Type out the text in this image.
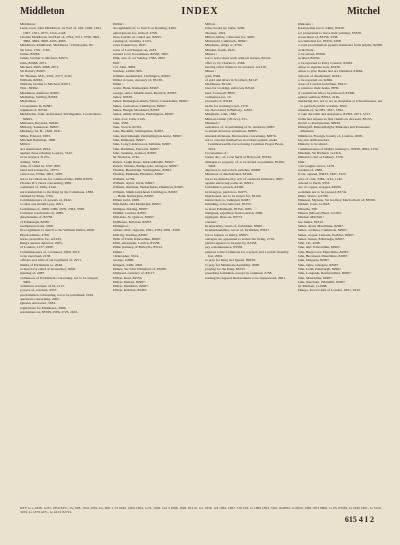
Middleton	INDEX	Mitchel

Middleton :

Lieut.-Gen. John Middleton, 1st Earl of, 229, 1460, 1492, 1497, 1501, 2075, 2114, 2118.

Charles Middleton, 2nd Earl of, 2764, 3751, 3758, 3861, 3866, 3869, 3968, 4295, 4995.

Middleton, Middleton, Middleton : Christopher, 82.

Sir John, 1761, 1765.

James, 82963.

James, brother to Michael, 82975.

John, 82968, 2971.

Michael, 2963, 2968, 2971.

Sir Robert, 82947.

Sir Thomas, M.P., 2561, 2577, 3120.

William, 82963.

William, brother to Michael, 82971.

Wm., 82962.

Middleton, Renfrew, 82667.

Midhillop, Stirling, 82963.

Midlothian :

Covenanters in, 82687.

regiment of, 82720.

Midshields, John, Ardmannel, Stirlingshire, Covenanters, 82963.

Milbourn, Reynold, 82640.

Milborg, Sanderson, 82867.

Mildmay, Sir H., 1628, 1641.

Miles, Edward, 1683.

Mitchell Hamilton, 1868.

Militia :

Act mentioned, 2924.

against those refusing to serve, 3122.

to be arrayed, 3127a.

arming, 3184.

arms of called in, 3767, 809.

band and echoes for, 1877a.

called out, 3768a, 3801, 3108.

not to be called out for a limited time, 2980, 82979.

Charles II.'s views concerning, 2981.

command of, 1084, 3144.

not transferable to the King by the Commons, 1886.

claimed by King, 1764.

Commissioners of, powers of, 2942.

to raise one month's pay, 2951.

Committee of, 1899, 2380, 2570, 2564, 3598.

Common resolutions on, 2088.

detachments of, 82738.

of Edinburgh, 82687.

exemptions from, 3300.

five regiments to march to Sir William Waller, 2068.

Herefordshire, 2769.

horse, protection for, 1e1933.

King's answer deferred, 1905.

of London, 2137, 2980.

Commissioners of, continued, 2909, 3013.

to be exercised, 2158.

officers and arms of six regiments of, 2971.

thanks of Parliament to, 2948.

to march for relief of Gloucester, 3068.

meeting of, 2987.

ordinances of Parliament concerning, not to be obeyed, 3969.

ordinance revoked, 2119, 2113.

powers of, revoked, 4337.

proclamation concerning, not to be published, 2190.

questions concerning, 2062.

Queries Answered, 3184.

regulations for Middlesex, 2984.

resolutions on, 83598, 2506, 2725, 2916.

Militia :

six regiments of, to march on Reading, 2484.

subscriptions for, invited, 2768.

three-fourths of, called out, 82925.

training of, monthly, 2147a.

votes founded on, 2047.

votes of Lord Keeper on, 2183.

warned to be in readiness, 82566, 3665.

Milk, sale of, on Sunday, 2582, 2865.

Mill :

Col. John, 3008.

Stanhop, 1e964, 965.

William, Auchinbard, Linlithgow, 82967.

Milled crowns, currency of, 83130.

Miller :

Gavin, Bank, Rutherglen, 82967.

George, tailor, Middle-third, Berwick, 82967.

James, 83338.

James, Rutherglen-shiels, Shotts, Lanarkshire, 82967.

James, Garnoston, Linlithgow, 82967.

James, Haugh, Monkland, 82967.

James, smith, Willows, Haddington, 82967.

Lieut.-Col. John, 2143.

John, 3339.

John, Scotch, 82391.

John, Buckhill, Stirlingshire, 82967.

John, Kelvinhaugh, Dalmellington-house, 82967.

John, Kilmaurs, 82967.

John, Long Calderwood, Kilbride, 82967.

John, Rathmuir, Fenwick, 82967.

John, Sunning, Galston, 82967.

Sir Nicholas, 2745.

Robert, Leigh Riseo, Kirkcudbright, 82967.

Robert, Shirens, Bridge-gate, Glasgow, 82967.

Thomas, Beathridge, Stirlingshire, 82967.

Thomas, Pitdinnie, Fifeshire, 82967.

William, 1e794.

William, taylor, Irwin, 82967.

William, maltman, Netherfields, Hamilton, 82967.

William, Smith-land-head, Linlithgow, 82967.

—, Bank, Rutherglen, 82967.

Millen Gold, 1668.

Mill-fields, Old Monkland, 82967.

Milligan, Stirling, 82967.

Millhill, Coulter, 82967.

Mill-hole, St. Quivox, 82967.

Millhouse, Kilbride, 82967.

Millington :

Gilbert, M.P., regicide, 2561, 2784, 2991, 3398.

Mill-rig, Sterling, 82967.

Mills of Forth, Kincardine, 82967.

Mills, Alexander, Carrick, 83338.

Milne (James), of Balwyllo, 83112.

Milner :

Christopher, 3314.

George, 1e890.

Tempest, 2439, 2995.

Milnes, Sir John Whiteford of, 83580.

Milnyard, currency of, 83117.

Milton, Kent, 82556.

Milton, Dalziel, 82967.

Milton, Dumfries, 82967.

Milton, Kilbride, 82967.

Milton :

John, books by, burnt, 3209.

Thomas, 1922.

Milton Abbas, collection for, 3206.

Mimezold, Cummock, 82967.

Mindense, effigy at, 3794.

Minden, Garth, 2925.

Miners :

not to leave their work without licence, 82541.

offer to, by Charles I., 2584.

leaving silver mines to be arrested, 1e1316.

Mines :

gold, 8346.

of gold and silver in Scotland, 82147.

Middlesex, 82126.

laws for working, enforced, 82120.

lead, Cornwall, 8865.

ordinances for, 19.

proceeds of, 83149.

terms for working royal, 1579.

tin, discovered in Barbary, 1e635.

Mingham, John, 1682.

Mini-es-ramen (18 cwt.), 551.

Ministers :

assistance of, in publishing of St. Andrews, 8887.

to attend diocesan visitations, 82885.

situated-divisions, Declaration concerning, 82879.

not to concern themselves in actions against, under Commonwealth, forced using Common Prayer Book, 3102.

Covenanters of :

books, &c., of, to be burnt at Holyrood, 83190.

damages to property of, to be levied on parishes, 83196, 3208.

deposed, to leave their parishes, 82968.

Ministers of disabolished, 83366.

not to be disturbed by acts of outlawed ministers, 3665.

against enforcing oaths on, 82931.

forbidden to preach, 83382.

in Glasgow, pardon to, 82275.

imprisoned, not to be prayer for, 83169.

instructions to, indulged, 82487.

intruding, to be removed, 83155.

to leave Edinburgh, 83154, 1665.

maligned, expulsion from London, 2996.

negligent, fines on, 83773.

conduct :

In Aberarthy, resort of, forbidden, 83661.

in Aberdeenshire, resort of, forbidden, 83617.

not to baptise or marry, 83665.

outrages on, appointed to secure the living, 2716.

parish registers to be kept by, 82358.

pay a maintenance, 83358.

petition to the Commons for a synod, and a public monthly fast, 2004.

to pray for King and Queen, 82958.

to pray for Ministerie Assembly, 2948.

praying for the King, 83733.

preaching forbidden, except by ordained, 2758.

reading his Agreed Declarament to be sequestered, 2961.

Ministers :

Presbyterian not to admit, 83226.

not prosecuted to leave their parishes, 83328.

prosecution of, 83356, 3338.

proclamation for, 83356, 3308.

to read proclamation against slanderers from pulpits, 82926.

recalcitrant :

to be seized, 83360.

recalled, 82952.

to be reported to Privy Council, 82963.

refuse to sign the Acts, 83339.

refuse to give thanks and are banished, 83662.

removal of disobedient, 82341.

to be reported on, 3e666.

resort of London forbidden, 83617.

to return to their desks, 8839.

of scandalous life to be removed, 83390.

against sedition, 82914, 2149.

slandering Act, not to act as chaplains or schoolmasters, nor to perform public worship, 3663.

stipends of, 3e1381, 3817, 1892.

to take the Oath and Assurance, 83393, 2971, 3153.

tenths and answer as first claims on dioceses, 82135.

threats to Presbyterian, 82939.

Minnigaff, Kirkcudbright, Ministers and Protestant ministers.

Minimoor, Foreign, bounty of, London, 2068.

See also Ambassadors.

Ministry to Scotland :

Commissioners of Militia relating to, 82936, 2084, 2130.

Minshull, Sir Richard, 1e1316.

Minstral Court at Tutbury, 1729.

Mint :

coin weights and at, 1478.

wardens of, 2869.

Scots, opened, 83633, 3307, 3323.

price of coin, 3384, 1122, 1142.

ordered to Perth, 3333.

rate of copper, stopped, 83990.

workmen not to be pressed, 82741.

Minto Tevist, 1e1790.

Minutest, Mynton, Sir Godfrey MacColloch of, 83580.

Mirbell, Cork, 1e1818.

Misselle, 398.

Misson (Mrson) Head, 1e1055.

Mitchel, Mitchell :

See James, 82313.

James, Alstd, Mauchline, 82967.

James, cordiner, Cummock, 82967.

James, cooper, Lintoun, Peebles, 82967.

James, Junior, Edinburgh, 82967.

John, J.P., 4298.

John, Airt, Kincardine, 82967.

John, Burgwood, Mauchline, 82967.

John, Broxhead, Mauchline, 82967.

John, Dalgarin, 82967.

John, tailor, Glasgow, 82967.

John, Leith, Edinburgh, 82967.

John, Longside, Renfrewshire, 82967.

John, Mauchline, 82967.

John, merchant, Whitehill, 82967.

Sir Michael, 1e1998.

Mungo, Town Clerk of London, 2661, 2936.

KEY to 1-1838, 1e 81. 1850-8151, Ire, 808. 1852-1852, Ire, 808. 1-79 8229. 1860-1904, 1e31, 1929. 1e2 3 1888, 1928, 81416. 1e1 1839, 1e3 1884, 1887, 3 81729, 1e 1869 1893, 7461, 8e2884, 1e 6829, 1869 1873 8808, 1e 83, 83339, 1e 1849 1981, 1e 5120, 3229, 1e 1879 4471, 1e 4413, 82721.
615 4 I 2
